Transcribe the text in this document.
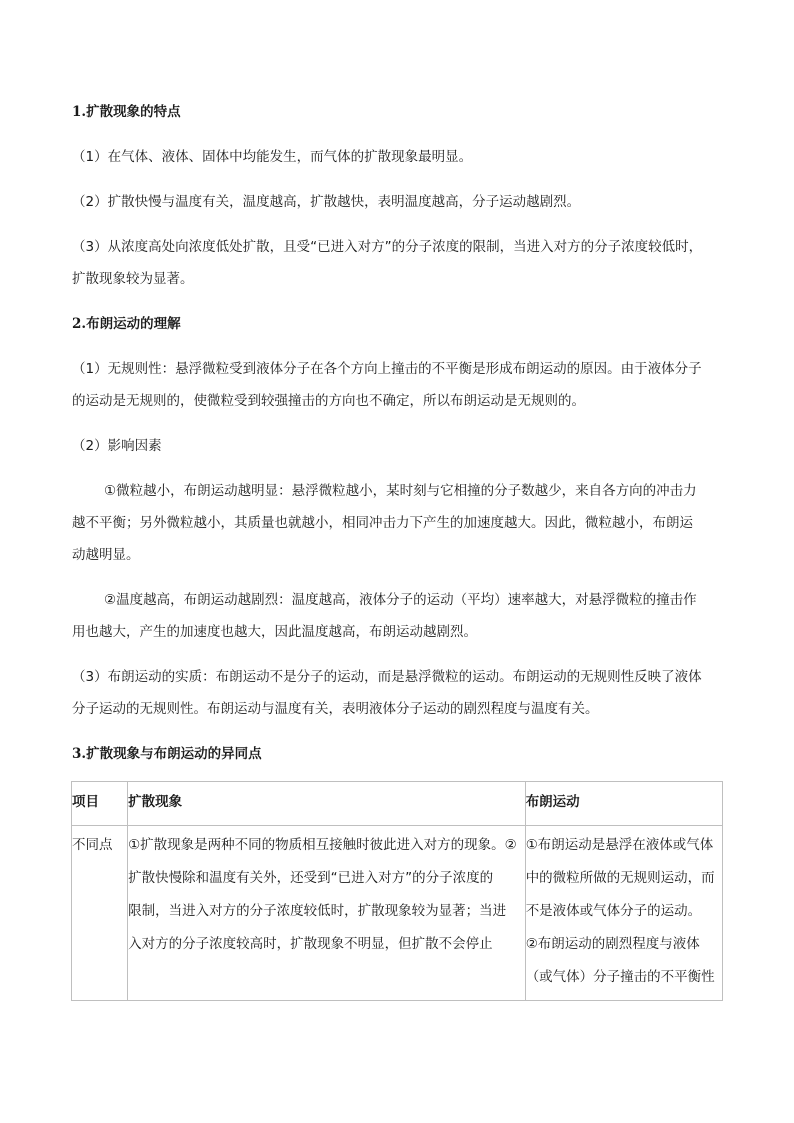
1.扩散现象的特点
（1）在气体、液体、固体中均能发生，而气体的扩散现象最明显。
（2）扩散快慢与温度有关，温度越高，扩散越快，表明温度越高，分子运动越剧烈。
（3）从浓度高处向浓度低处扩散，且受“已进入对方”的分子浓度的限制，当进入对方的分子浓度较低时，
扩散现象较为显著。
2.布朗运动的理解
（1）无规则性：悬浮微粒受到液体分子在各个方向上撞击的不平衡是形成布朗运动的原因。由于液体分子
的运动是无规则的，使微粒受到较强撞击的方向也不确定，所以布朗运动是无规则的。
（2）影响因素
①微粒越小，布朗运动越明显：悬浮微粒越小，某时刻与它相撞的分子数越少，来自各方向的冲击力
越不平衡；另外微粒越小，其质量也就越小，相同冲击力下产生的加速度越大。因此，微粒越小，布朗运
动越明显。
②温度越高，布朗运动越剧烈：温度越高，液体分子的运动（平均）速率越大，对悬浮微粒的撞击作
用也越大，产生的加速度也越大，因此温度越高，布朗运动越剧烈。
（3）布朗运动的实质：布朗运动不是分子的运动，而是悬浮微粒的运动。布朗运动的无规则性反映了液体
分子运动的无规则性。布朗运动与温度有关，表明液体分子运动的剧烈程度与温度有关。
3.扩散现象与布朗运动的异同点
项目	扩散现象	布朗运动

不同点	①扩散现象是两种不同的物质相互接触时彼此进入对方的现象。②
扩散快慢除和温度有关外，还受到“已进入对方”的分子浓度的
限制，当进入对方的分子浓度较低时，扩散现象较为显著；当进
入对方的分子浓度较高时，扩散现象不明显，但扩散不会停止	①布朗运动是悬浮在液体或气体
中的微粒所做的无规则运动，而
不是液体或气体分子的运动。
②布朗运动的剧烈程度与液体
（或气体）分子撞击的不平衡性
